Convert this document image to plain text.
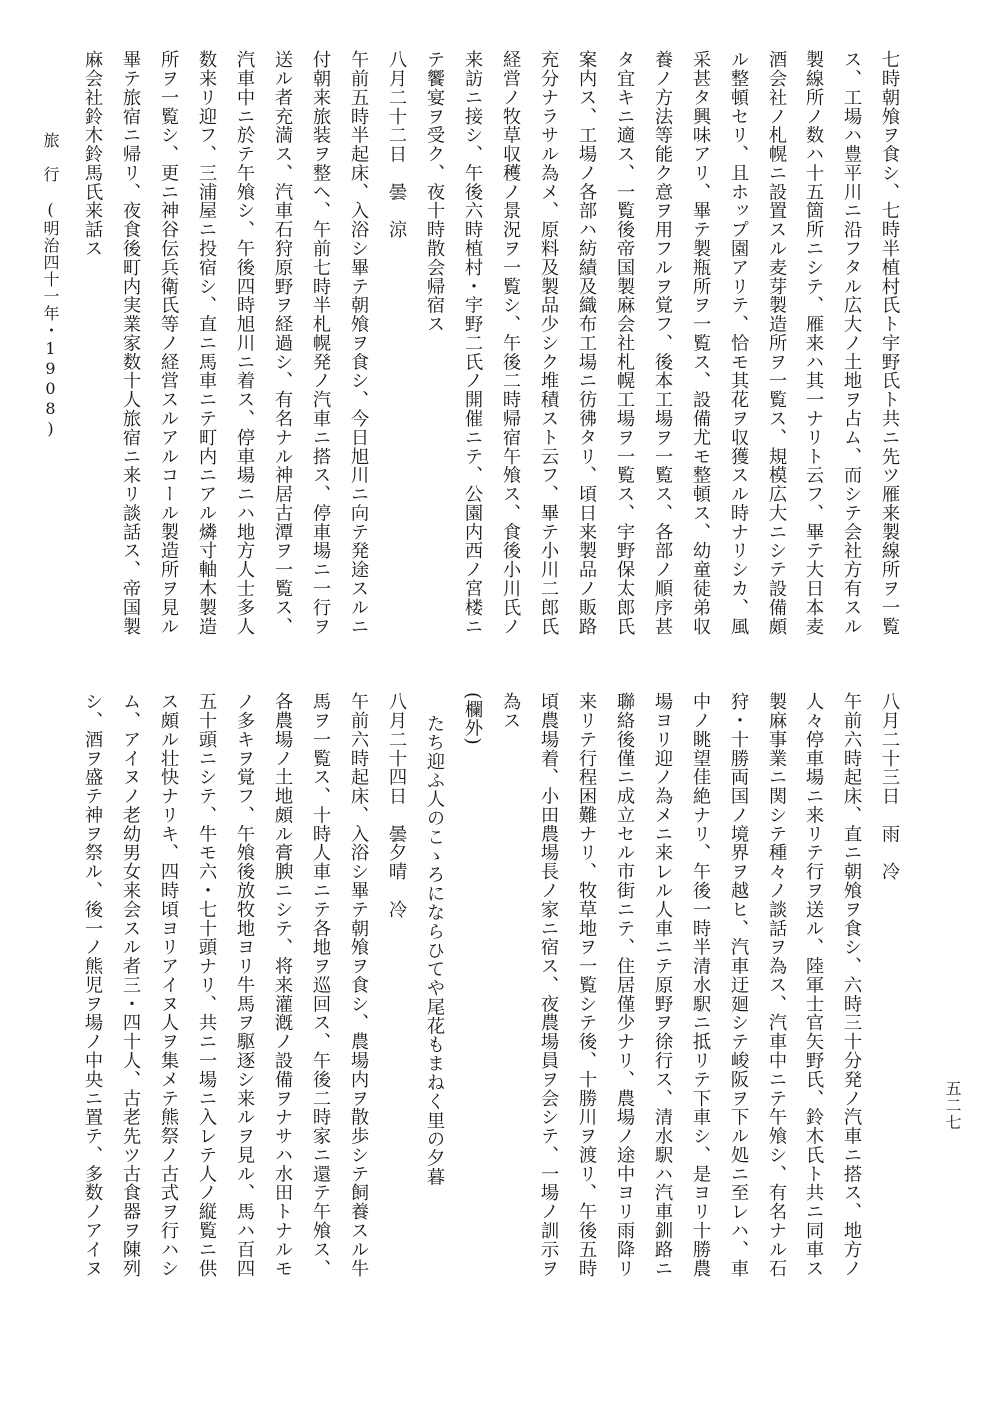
旅　行　(明治四十一年・1908)
五二七
七時朝飧ヲ食シ、七時半植村氏ト宇野氏ト共ニ先ツ雁来製線所ヲ一覧
ス、工場ハ豊平川ニ沿フタル広大ノ土地ヲ占ム、而シテ会社方有スル
製線所ノ数ハ十五箇所ニシテ、雁来ハ其一ナリト云フ、畢テ大日本麦
酒会社ノ札幌ニ設置スル麦芽製造所ヲ一覧ス、規模広大ニシテ設備頗
ル整頓セリ、且ホップ園アリテ、恰モ其花ヲ収獲スル時ナリシカ、風
采甚タ興味アリ、畢テ製瓶所ヲ一覧ス、設備尤モ整頓ス、幼童徒弟収
養ノ方法等能ク意ヲ用フルヲ覚フ、後本工場ヲ一覧ス、各部ノ順序甚
タ宜キニ適ス、一覧後帝国製麻会社札幌工場ヲ一覧ス、宇野保太郎氏
案内ス、工場ノ各部ハ紡績及織布工場ニ彷彿タリ、頃日来製品ノ販路
充分ナラサル為メ、原料及製品少シク堆積スト云フ、畢テ小川二郎氏
経営ノ牧草収穫ノ景況ヲ一覧シ、午後二時帰宿午飧ス、食後小川氏ノ
来訪ニ接シ、午後六時植村・宇野二氏ノ開催ニテ、公園内西ノ宮楼ニ
テ饗宴ヲ受ク、夜十時散会帰宿ス
八月二十二日　曇　涼
午前五時半起床、入浴シ畢テ朝飧ヲ食シ、今日旭川ニ向テ発途スルニ
付朝来旅装ヲ整ヘ、午前七時半札幌発ノ汽車ニ搭ス、停車場ニ一行ヲ
送ル者充満ス、汽車石狩原野ヲ経過シ、有名ナル神居古潭ヲ一覧ス、
汽車中ニ於テ午飧シ、午後四時旭川ニ着ス、停車場ニハ地方人士多人
数来リ迎フ、三浦屋ニ投宿シ、直ニ馬車ニテ町内ニアル燐寸軸木製造
所ヲ一覧シ、更ニ神谷伝兵衛氏等ノ経営スルアルコール製造所ヲ見ル
畢テ旅宿ニ帰リ、夜食後町内実業家数十人旅宿ニ来リ談話ス、帝国製
麻会社鈴木鈴馬氏来話ス
八月二十三日　雨　冷
午前六時起床、直ニ朝飧ヲ食シ、六時三十分発ノ汽車ニ搭ス、地方ノ
人々停車場ニ来リテ行ヲ送ル、陸軍士官矢野氏、鈴木氏ト共ニ同車ス
製麻事業ニ関シテ種々ノ談話ヲ為ス、汽車中ニテ午飧シ、有名ナル石
狩・十勝両国ノ境界ヲ越ヒ、汽車迂廻シテ峻阪ヲ下ル処ニ至レハ、車
中ノ眺望佳絶ナリ、午後一時半清水駅ニ抵リテ下車シ、是ヨリ十勝農
場ヨリ迎ノ為メニ来レル人車ニテ原野ヲ徐行ス、清水駅ハ汽車釧路ニ
聯絡後僅ニ成立セル市街ニテ、住居僅少ナリ、農場ノ途中ヨリ雨降リ
来リテ行程困難ナリ、牧草地ヲ一覧シテ後、十勝川ヲ渡リ、午後五時
頃農場着、小田農場長ノ家ニ宿ス、夜農場員ヲ会シテ、一場ノ訓示ヲ
為ス
(欄外)
たち迎ふ人のこゝろにならひてや尾花もまねく里の夕暮
八月二十四日　曇夕晴　冷
午前六時起床、入浴シ畢テ朝飧ヲ食シ、農場内ヲ散歩シテ飼養スル牛
馬ヲ一覧ス、十時人車ニテ各地ヲ巡回ス、午後二時家ニ還テ午飧ス、
各農場ノ土地頗ル膏腴ニシテ、将来灌漑ノ設備ヲナサハ水田トナルモ
ノ多キヲ覚フ、午飧後放牧地ヨリ牛馬ヲ駆逐シ来ルヲ見ル、馬ハ百四
五十頭ニシテ、牛モ六・七十頭ナリ、共ニ一場ニ入レテ人ノ縦覧ニ供
ス頗ル壮快ナリキ、四時頃ヨリアイヌ人ヲ集メテ熊祭ノ古式ヲ行ハシ
ム、アイヌノ老幼男女来会スル者三・四十人、古老先ツ古食器ヲ陳列
シ、酒ヲ盛テ神ヲ祭ル、後一ノ熊児ヲ場ノ中央ニ置テ、多数ノアイヌ
